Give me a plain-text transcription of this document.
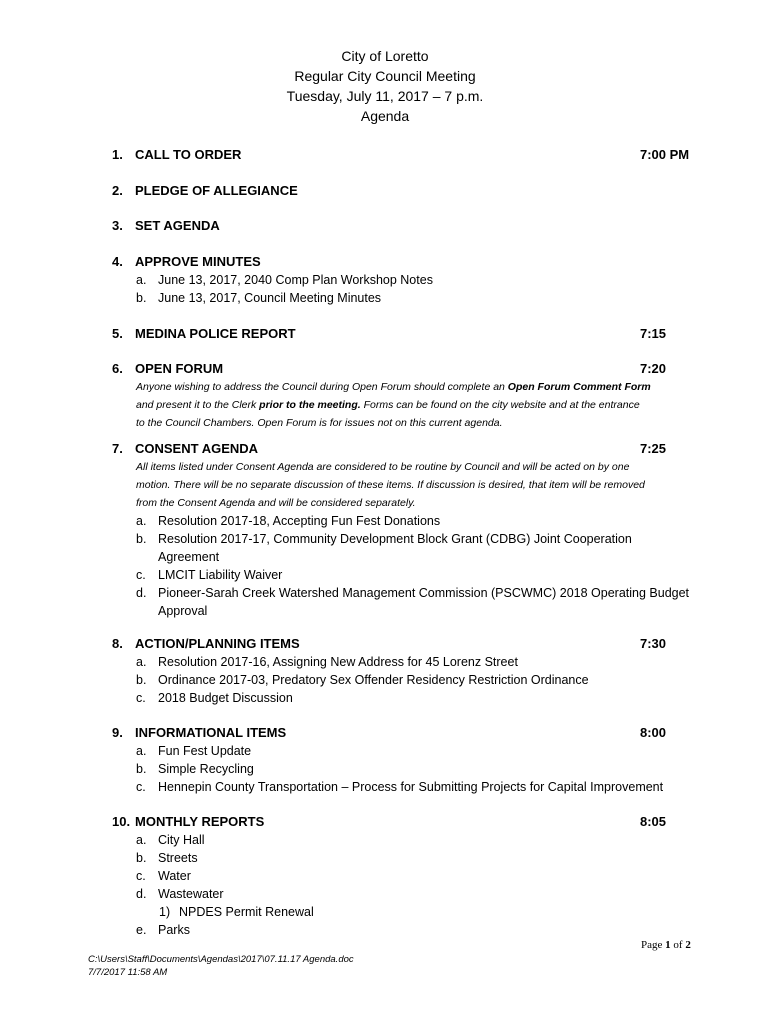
City of Loretto
Regular City Council Meeting
Tuesday, July 11, 2017 – 7 p.m.
Agenda
1. CALL TO ORDER	7:00 PM
2. PLEDGE OF ALLEGIANCE
3. SET AGENDA
4. APPROVE MINUTES
a. June 13, 2017, 2040 Comp Plan Workshop Notes
b. June 13, 2017, Council Meeting Minutes
5. MEDINA POLICE REPORT	7:15
6. OPEN FORUM	7:20
Anyone wishing to address the Council during Open Forum should complete an Open Forum Comment Form
and present it to the Clerk prior to the meeting. Forms can be found on the city website and at the entrance
to the Council Chambers. Open Forum is for issues not on this current agenda.
7. CONSENT AGENDA	7:25
All items listed under Consent Agenda are considered to be routine by Council and will be acted on by one
motion. There will be no separate discussion of these items. If discussion is desired, that item will be removed
from the Consent Agenda and will be considered separately.
a. Resolution 2017-18, Accepting Fun Fest Donations
b. Resolution 2017-17, Community Development Block Grant (CDBG) Joint Cooperation
Agreement
c. LMCIT Liability Waiver
d. Pioneer-Sarah Creek Watershed Management Commission (PSCWMC) 2018 Operating Budget
Approval
8. ACTION/PLANNING ITEMS	7:30
a. Resolution 2017-16, Assigning New Address for 45 Lorenz Street
b. Ordinance 2017-03, Predatory Sex Offender Residency Restriction Ordinance
c. 2018 Budget Discussion
9. INFORMATIONAL ITEMS	8:00
a. Fun Fest Update
b. Simple Recycling
c. Hennepin County Transportation – Process for Submitting Projects for Capital Improvement
10. MONTHLY REPORTS	8:05
a. City Hall
b. Streets
c. Water
d. Wastewater
1) NPDES Permit Renewal
e. Parks
Page 1 of 2
C:\Users\Staff\Documents\Agendas\2017\07.11.17 Agenda.doc
7/7/2017 11:58 AM
